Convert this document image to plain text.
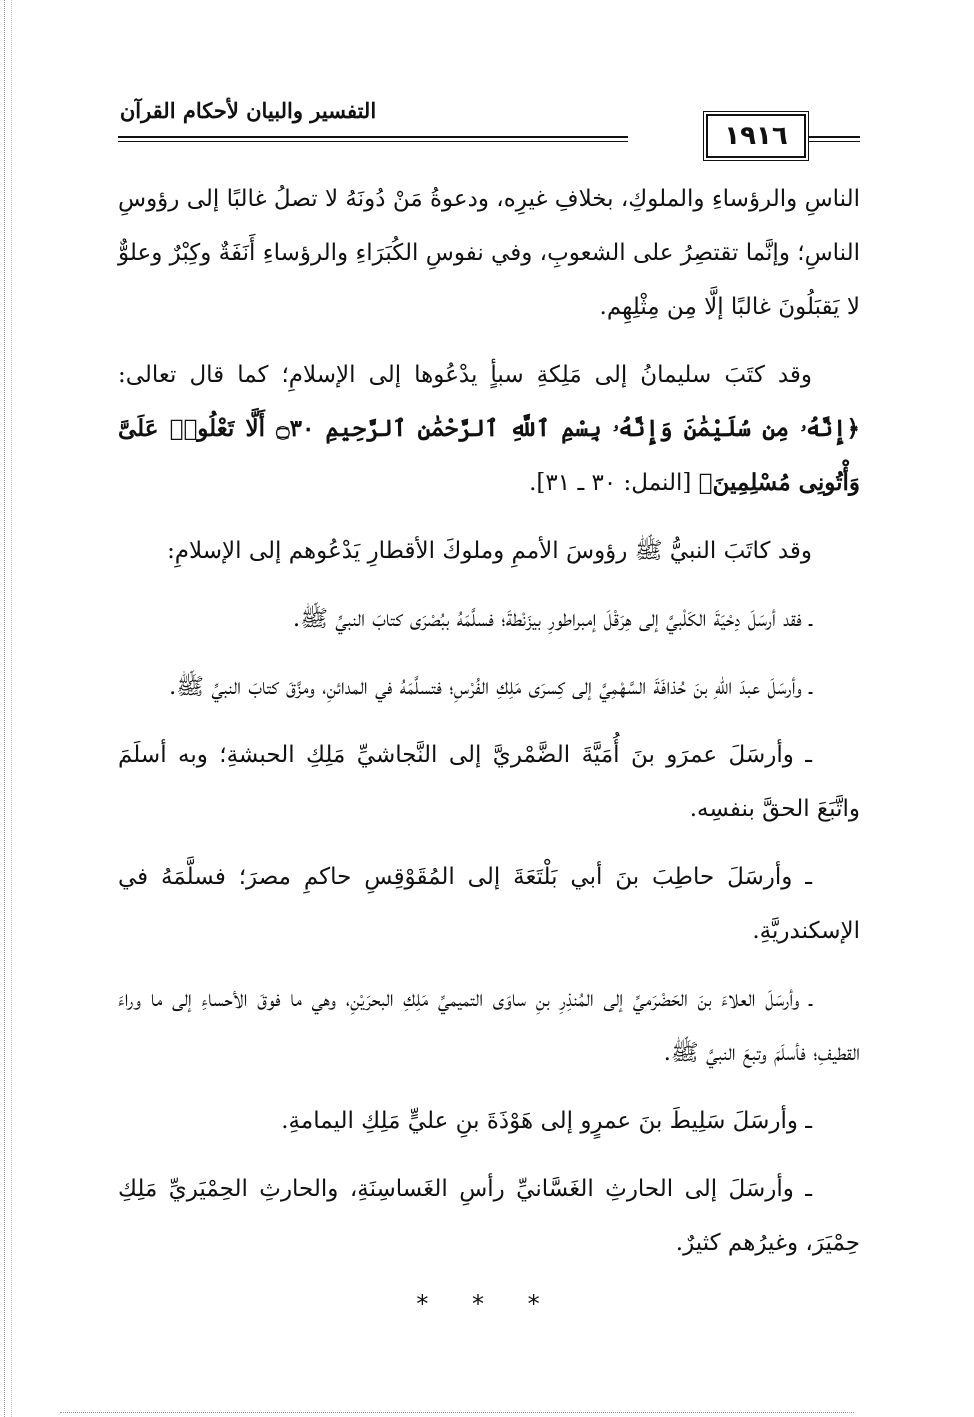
التفسير والبيان لأحكام القرآن
١٩١٦

الناسِ والرؤساءِ والملوكِ، بخلافِ غيرِه، ودعوةُ مَنْ دُونَهُ لا تصلُ غالبًا إلى رؤوسِ الناسِ؛ وإنَّما تقتصِرُ على الشعوبِ، وفي نفوسِ الكُبَرَاءِ والرؤساءِ أَنَفَةٌ وكِبْرٌ وعلوٌّ لا يَقبَلُونَ غالبًا إلَّا مِن مِثْلِهِم.

وقد كتَبَ سليمانُ إلى مَلِكةِ سبأٍ يدْعُوها إلى الإسلامِ؛ كما قال تعالى: ﴿إِنَّهُۥ مِن سُلَيْمَٰنَ وَإِنَّهُۥ بِسْمِ ٱللَّهِ ٱلرَّحْمَٰنِ ٱلرَّحِيمِ ۝٣٠ أَلَّا تَعْلُوا۟ عَلَىَّ وَأْتُونِى مُسْلِمِينَ﴾ [النمل: ٣٠ ـ ٣١].

وقد كاتَبَ النبيُّ ﷺ رؤوسَ الأممِ وملوكَ الأقطارِ يَدْعُوهم إلى الإسلامِ:

ـ فقد أرسَلَ دِحْيَةَ الكَلْبيَّ إلى هِرَقْلَ إمبراطورِ بيزَنْطةَ؛ فسلَّمَهُ ببُصْرَى كتابَ النبيِّ ﷺ.

ـ وأرسَلَ عبدَ اللهِ بنَ حُذافَةَ السَّهْمِيَّ إلى كِسرَى مَلِكِ الفُرْسِ؛ فتسلَّمَهُ في المدائنِ، ومزَّقَ كتابَ النبيِّ ﷺ.

ـ وأرسَلَ عمرَو بنَ أُمَيَّةَ الضَّمْريَّ إلى النَّجاشيِّ مَلِكِ الحبشةِ؛ وبه أسلَمَ واتَّبَعَ الحقَّ بنفسِه.

ـ وأرسَلَ حاطِبَ بنَ أبي بَلْتَعَةَ إلى المُقَوْقِسِ حاكمِ مصرَ؛ فسلَّمَهُ في الإسكندريَّةِ.

ـ وأرسَلَ العلاءَ بنَ الحَضْرَميِّ إلى المُنذِرِ بنِ ساوَى التميميِّ مَلِكِ البحرَيْنِ، وهي ما فوقَ الأحساءِ إلى ما وراءَ القطيفِ؛ فأسلَمَ وتبعَ النبيَّ ﷺ.

ـ وأرسَلَ سَلِيطَ بنَ عمرٍو إلى هَوْذَةَ بنِ عليٍّ مَلِكِ اليمامةِ.

ـ وأرسَلَ إلى الحارثِ الغَسَّانيِّ رأسِ الغَساسِنَةِ، والحارثِ الحِمْيَريِّ مَلِكِ حِمْيَرَ، وغيرُهم كثيرٌ.

* * *
